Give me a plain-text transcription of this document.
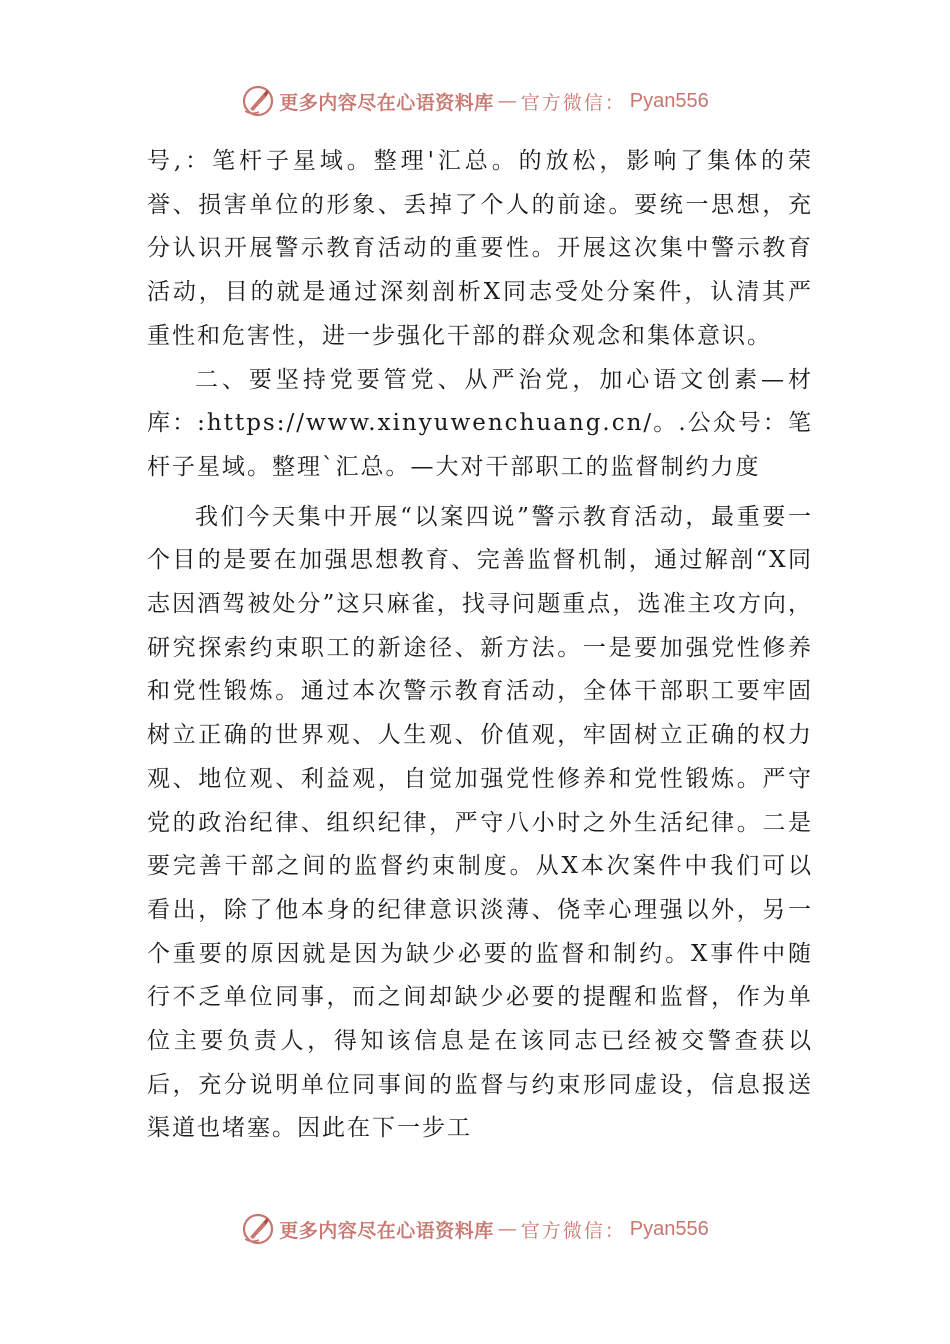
更多内容尽在心语资料库 — 官方微信： Pyan556

号,：笔杆子星域。整理'汇总。的放松，影响了集体的荣誉、损害单位的形象、丢掉了个人的前途。要统一思想，充分认识开展警示教育活动的重要性。开展这次集中警示教育活动，目的就是通过深刻剖析X同志受处分案件，认清其严重性和危害性，进一步强化干部的群众观念和集体意识。

二、要坚持党要管党、从严治党，加心语文创素—材库：:https://www.xinyuwenchuang.cn/。.公众号：笔杆子星域。整理`汇总。—大对干部职工的监督制约力度

我们今天集中开展“以案四说”警示教育活动，最重要一个目的是要在加强思想教育、完善监督机制，通过解剖“X同志因酒驾被处分”这只麻雀，找寻问题重点，选准主攻方向，研究探索约束职工的新途径、新方法。一是要加强党性修养和党性锻炼。通过本次警示教育活动，全体干部职工要牢固树立正确的世界观、人生观、价值观，牢固树立正确的权力观、地位观、利益观，自觉加强党性修养和党性锻炼。严守党的政治纪律、组织纪律，严守八小时之外生活纪律。二是要完善干部之间的监督约束制度。从X本次案件中我们可以看出，除了他本身的纪律意识淡薄、侥幸心理强以外，另一个重要的原因就是因为缺少必要的监督和制约。X事件中随行不乏单位同事，而之间却缺少必要的提醒和监督，作为单位主要负责人，得知该信息是在该同志已经被交警查获以后，充分说明单位同事间的监督与约束形同虚设，信息报送渠道也堵塞。因此在下一步工

更多内容尽在心语资料库 — 官方微信： Pyan556
